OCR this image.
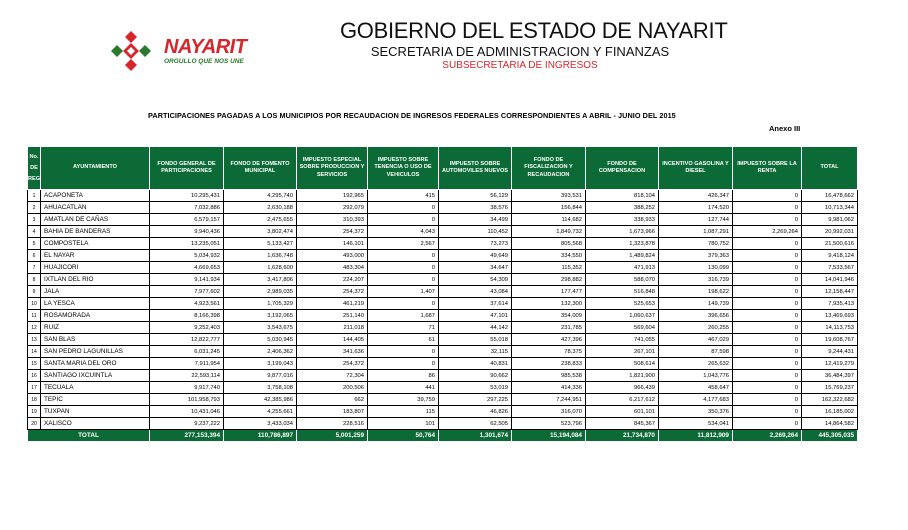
NAYARIT
ORGULLO QUE NOS UNE
GOBIERNO DEL ESTADO DE NAYARIT
SECRETARIA DE ADMINISTRACION Y FINANZAS
SUBSECRETARIA DE INGRESOS
PARTICIPACIONES PAGADAS A LOS MUNICIPIOS POR RECAUDACION DE INGRESOS FEDERALES CORRESPONDIENTES A ABRIL - JUNIO DEL 2015
Anexo III
No.
DE
REG	AYUNTAMIENTO	FONDO GENERAL DE PARTICIPACIONES	FONDO DE FOMENTO MUNICIPAL	IMPUESTO ESPECIAL SOBRE PRODUCCION Y SERVICIOS	IMPUESTO SOBRE TENENCIA O USO DE VEHICULOS	IMPUESTO SOBRE AUTOMOVILES NUEVOS	FONDO DE FISCALIZACION Y RECAUDACION	FONDO DE COMPENSACION	INCENTIVO GASOLINA Y DIESEL	IMPUESTO SOBRE LA RENTA	TOTAL
1	ACAPONETA	10,295,431	4,295,740	192,965	415	56,129	393,531	818,104	426,347	0	16,478,662
2	AHUACATLAN	7,032,886	2,630,188	292,079	0	38,576	156,844	388,252	174,520	0	10,713,344
3	AMATLAN DE CAÑAS	6,579,157	2,475,655	310,393	0	34,499	114,682	338,933	127,744	0	9,981,062
4	BAHIA DE BANDERAS	9,940,436	3,802,474	254,372	4,043	110,452	1,849,732	1,673,966	1,087,291	2,269,264	20,992,031
5	COMPOSTELA	13,235,051	5,133,427	146,101	2,567	73,273	805,568	1,323,878	780,752	0	21,500,616
6	EL NAYAR	5,034,932	1,636,748	493,000	0	49,649	334,550	1,489,824	379,363	0	9,418,124
7	HUAJICORI	4,669,653	1,628,600	483,304	0	34,647	115,352	471,913	130,099	0	7,533,567
8	IXTLAN DEL RIO	9,141,934	3,417,806	224,207	0	54,309	298,882	588,070	316,739	0	14,041,946
9	JALA	7,977,602	2,989,035	254,372	1,407	43,084	177,477	516,848	198,622	0	12,158,447
10	LA YESCA	4,923,561	1,705,329	461,219	0	37,614	132,300	525,653	149,739	0	7,935,413
11	ROSAMORADA	8,166,398	3,192,065	251,140	1,687	47,101	354,009	1,060,637	396,656	0	13,469,693
12	RUIZ	9,252,403	3,543,675	211,018	71	44,142	231,785	569,604	260,255	0	14,113,753
13	SAN BLAS	12,822,777	5,030,945	144,405	61	55,018	427,396	741,055	467,029	0	19,608,767
14	SAN PEDRO LAGUNILLAS	6,031,245	2,406,362	341,636	0	32,115	78,375	267,101	87,598	0	9,244,431
15	SANTA MARIA DEL ORO	7,911,954	3,199,043	254,372	0	40,831	238,833	508,614	265,632	0	12,419,279
16	SANTIAGO IXCUINTLA	22,593,114	9,877,016	72,304	86	90,662	985,538	1,821,900	1,043,776	0	36,484,397
17	TECUALA	9,917,740	3,758,108	200,506	441	53,019	414,336	966,439	458,647	0	15,769,237
18	TEPIC	101,958,793	42,385,986	662	39,759	297,225	7,244,951	6,217,612	4,177,683	0	162,322,682
19	TUXPAN	10,431,046	4,255,661	183,807	115	46,826	316,070	601,101	350,376	0	16,185,002
20	XALISCO	9,237,222	3,433,034	228,516	101	62,505	523,796	845,367	534,041	0	14,864,582
TOTAL		277,153,394	110,786,897	5,001,259	50,764	1,301,674	15,194,084	21,734,870	11,812,909	2,269,264	445,305,035
